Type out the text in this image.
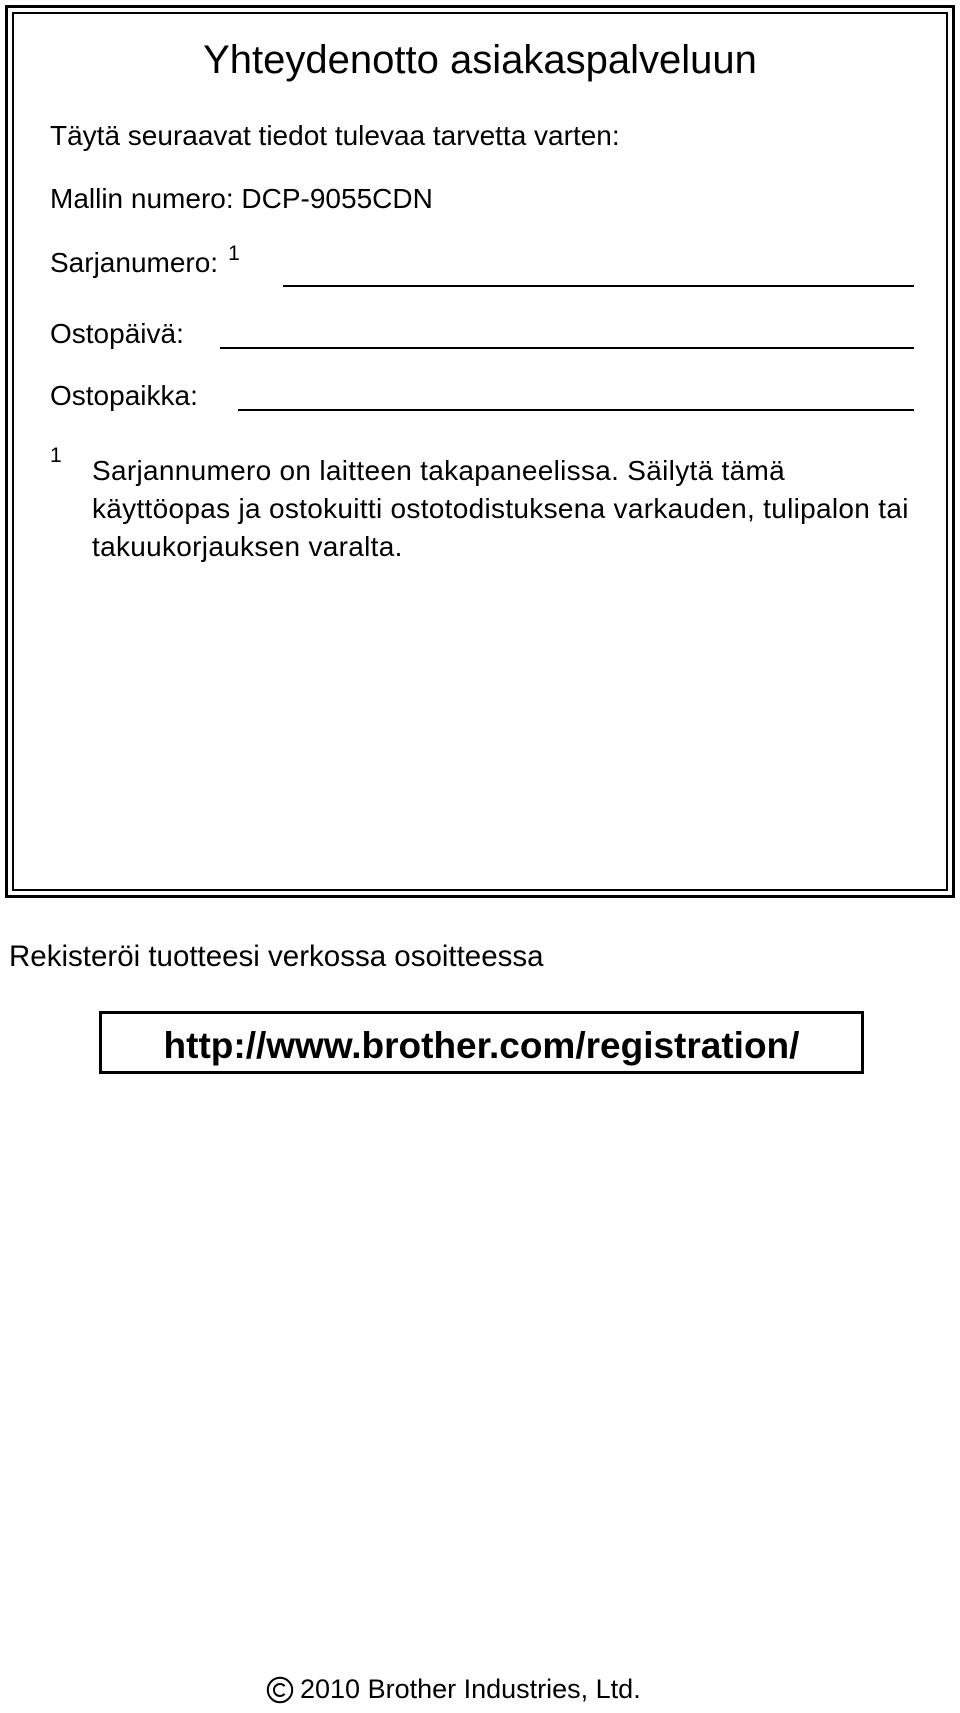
Yhteydenotto asiakaspalveluun
Täytä seuraavat tiedot tulevaa tarvetta varten:
Mallin numero: DCP-9055CDN
Sarjanumero: $^1$
Ostopäivä:
Ostopaikka:
1 Sarjannumero on laitteen takapaneelissa. Säilytä tämä käyttöopas ja ostokuitti ostotodistuksena varkauden, tulipalon tai takuukorjauksen varalta.
Rekisteröi tuotteesi verkossa osoitteessa
http://www.brother.com/registration/
2010 Brother Industries, Ltd.
